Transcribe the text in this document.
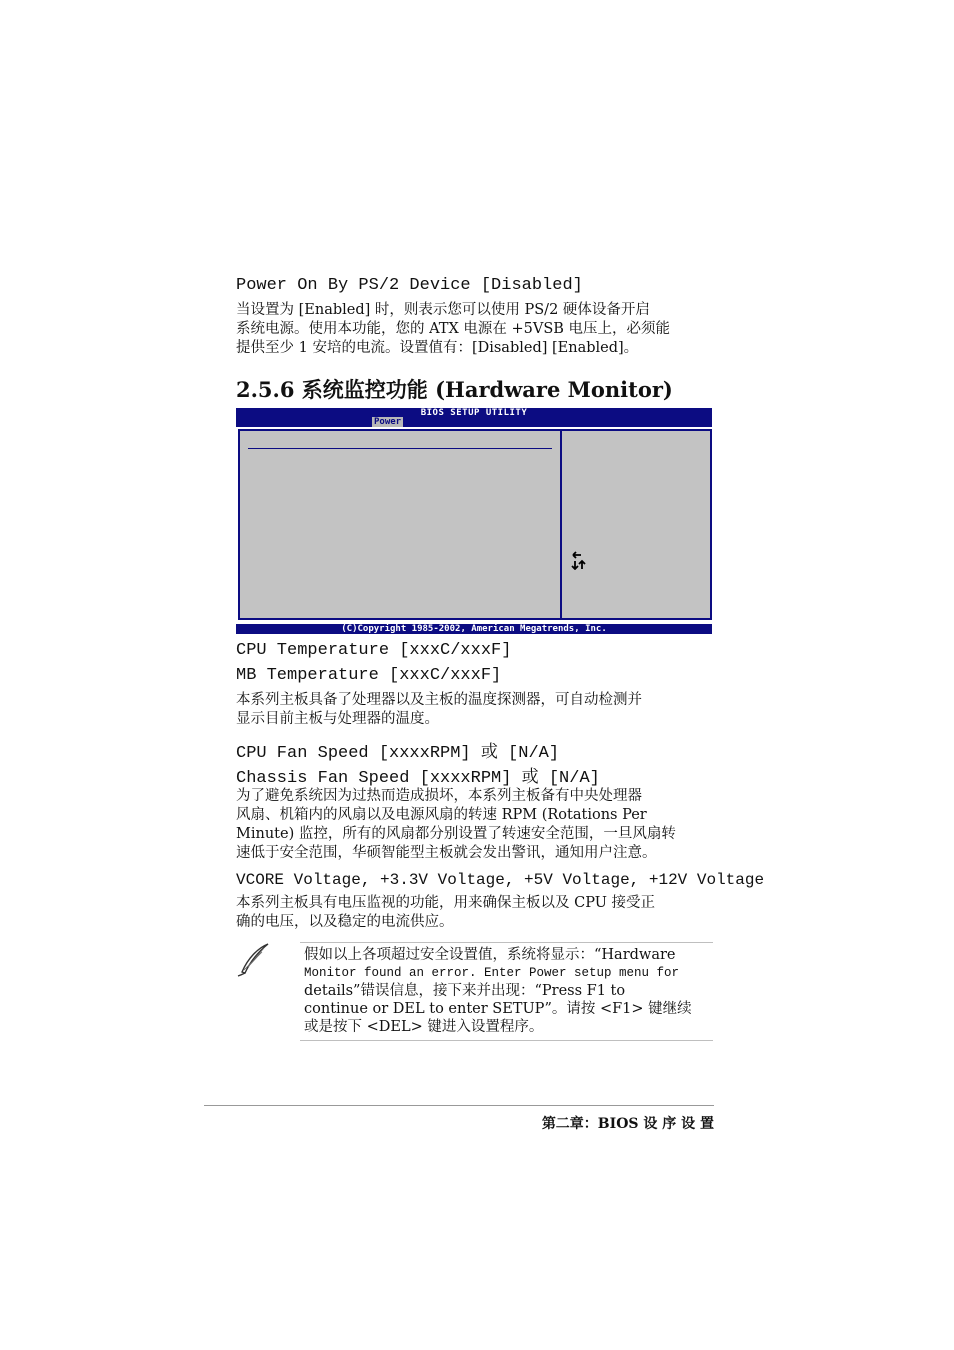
Power On By PS/2 Device [Disabled]
当设置为 [Enabled] 时，则表示您可以使用 PS/2 硬体设备开启
系统电源。使用本功能，您的 ATX 电源在 +5VSB 电压上，必须能
提供至少 1 安培的电流。设置值有：[Disabled] [Enabled]。
2.5.6 系统监控功能 (Hardware Monitor)
BIOS SETUP UTILITY
Power
(C)Copyright 1985-2002, American Megatrends, Inc.
CPU Temperature [xxxC/xxxF]
MB Temperature [xxxC/xxxF]
本系列主板具备了处理器以及主板的温度探测器，可自动检测并
显示目前主板与处理器的温度。
CPU Fan Speed [xxxxRPM] 或 [N/A]
Chassis Fan Speed [xxxxRPM] 或 [N/A]
为了避免系统因为过热而造成损坏，本系列主板备有中央处理器
风扇、机箱内的风扇以及电源风扇的转速 RPM (Rotations Per
Minute) 监控，所有的风扇都分别设置了转速安全范围，一旦风扇转
速低于安全范围，华硕智能型主板就会发出警讯，通知用户注意。
VCORE Voltage, +3.3V Voltage, +5V Voltage, +12V Voltage
本系列主板具有电压监视的功能，用来确保主板以及 CPU 接受正
确的电压，以及稳定的电流供应。
假如以上各项超过安全设置值，系统将显示：“Hardware
Monitor found an error. Enter Power setup menu for
details”错误信息，接下来并出现：“Press F1 to
continue or DEL to enter SETUP”。请按 <F1> 键继续
或是按下 <DEL> 键进入设置程序。
第二章：BIOS 设 序 设 置
